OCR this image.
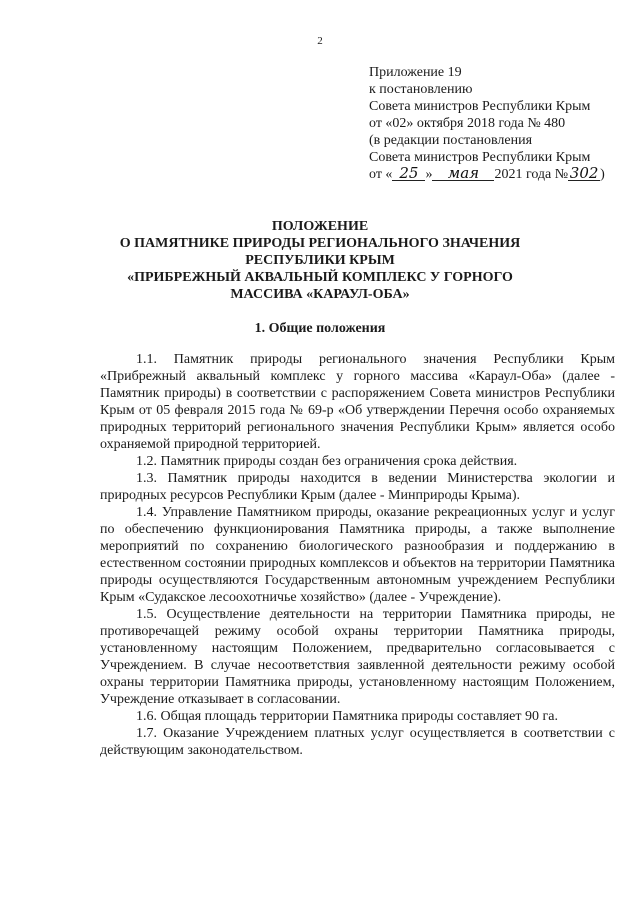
2
Приложение 19
к постановлению
Совета министров Республики Крым
от «02» октября 2018 года № 480
(в редакции постановления
Совета министров Республики Крым
от « 25 » мая 2021 года № 302 )
ПОЛОЖЕНИЕ
О ПАМЯТНИКЕ ПРИРОДЫ РЕГИОНАЛЬНОГО ЗНАЧЕНИЯ
РЕСПУБЛИКИ КРЫМ
«ПРИБРЕЖНЫЙ АКВАЛЬНЫЙ КОМПЛЕКС У ГОРНОГО
МАССИВА «КАРАУЛ-ОБА»
1. Общие положения

1.1. Памятник природы регионального значения Республики Крым «Прибрежный аквальный комплекс у горного массива «Караул-Оба» (далее - Памятник природы) в соответствии с распоряжением Совета министров Республики Крым от 05 февраля 2015 года № 69-р «Об утверждении Перечня особо охраняемых природных территорий регионального значения Республики Крым» является особо охраняемой природной территорией.

1.2. Памятник природы создан без ограничения срока действия.

1.3. Памятник природы находится в ведении Министерства экологии и природных ресурсов Республики Крым (далее - Минприроды Крыма).

1.4. Управление Памятником природы, оказание рекреационных услуг и услуг по обеспечению функционирования Памятника природы, а также выполнение мероприятий по сохранению биологического разнообразия и поддержанию в естественном состоянии природных комплексов и объектов на территории Памятника природы осуществляются Государственным автономным учреждением Республики Крым «Судакское лесоохотничье хозяйство» (далее - Учреждение).

1.5. Осуществление деятельности на территории Памятника природы, не противоречащей режиму особой охраны территории Памятника природы, установленному настоящим Положением, предварительно согласовывается с Учреждением. В случае несоответствия заявленной деятельности режиму особой охраны территории Памятника природы, установленному настоящим Положением, Учреждение отказывает в согласовании.

1.6. Общая площадь территории Памятника природы составляет 90 га.

1.7. Оказание Учреждением платных услуг осуществляется в соответствии с действующим законодательством.
